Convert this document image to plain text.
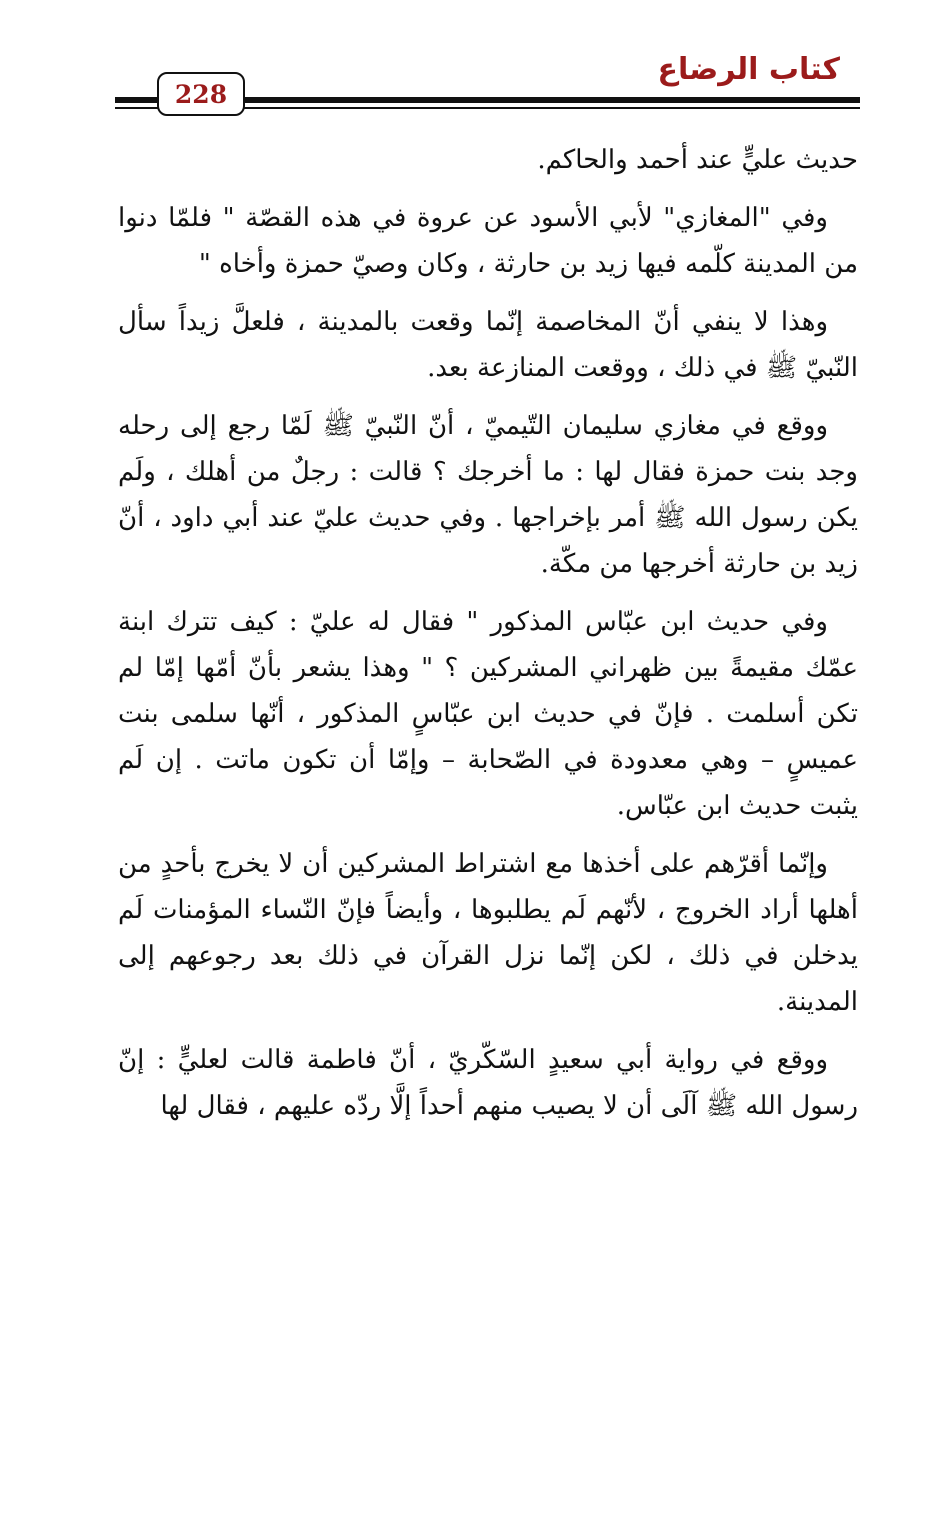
كتاب الرضاع
228

حديث عليٍّ عند أحمد والحاكم.

وفي "المغازي" لأبي الأسود عن عروة في هذه القصّة " فلمّا دنوا من المدينة كلّمه فيها زيد بن حارثة ، وكان وصيّ حمزة وأخاه "

وهذا لا ينفي أنّ المخاصمة إنّما وقعت بالمدينة ، فلعلَّ زيداً سأل النّبيّ ﷺ في ذلك ، ووقعت المنازعة بعد.

ووقع في مغازي سليمان التّيميّ ، أنّ النّبيّ ﷺ لَمّا رجع إلى رحله وجد بنت حمزة فقال لها : ما أخرجك ؟ قالت : رجلٌ من أهلك ، ولَم يكن رسول الله ﷺ أمر بإخراجها . وفي حديث عليّ عند أبي داود ، أنّ زيد بن حارثة أخرجها من مكّة.

وفي حديث ابن عبّاس المذكور " فقال له عليّ : كيف تترك ابنة عمّك مقيمةً بين ظهراني المشركين ؟ " وهذا يشعر بأنّ أمّها إمّا لم تكن أسلمت . فإنّ في حديث ابن عبّاسٍ المذكور ، أنّها سلمى بنت عميسٍ – وهي معدودة في الصّحابة – وإمّا أن تكون ماتت . إن لَم يثبت حديث ابن عبّاس.

وإنّما أقرّهم على أخذها مع اشتراط المشركين أن لا يخرج بأحدٍ من أهلها أراد الخروج ، لأنّهم لَم يطلبوها ، وأيضاً فإنّ النّساء المؤمنات لَم يدخلن في ذلك ، لكن إنّما نزل القرآن في ذلك بعد رجوعهم إلى المدينة.

ووقع في رواية أبي سعيدٍ السّكّريّ ، أنّ فاطمة قالت لعليٍّ : إنّ رسول الله ﷺ آلَى أن لا يصيب منهم أحداً إلَّا ردّه عليهم ، فقال لها
